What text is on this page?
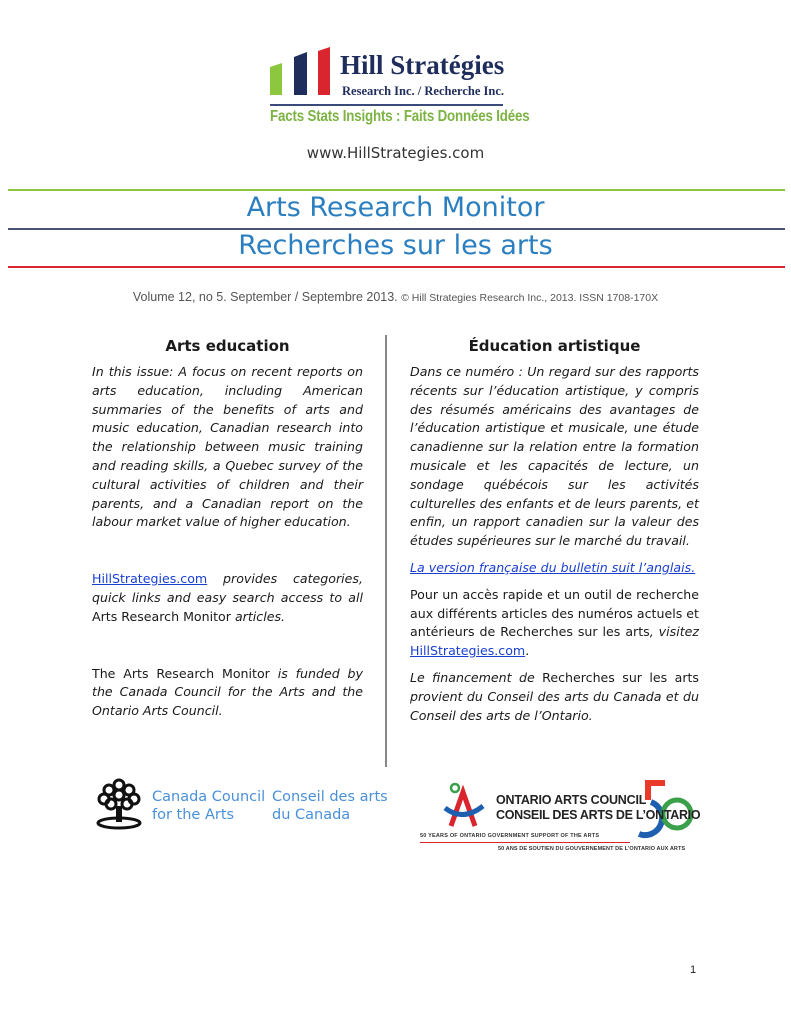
Hill Stratégies
Research Inc. / Recherche Inc.
Facts Stats Insights : Faits Données Idées
www.HillStrategies.com
Arts Research Monitor
Recherches sur les arts
Volume 12, no 5. September / Septembre 2013. © Hill Strategies Research Inc., 2013. ISSN 1708-170X
Arts education

In this issue: A focus on recent reports on arts education, including American summaries of the benefits of arts and music education, Canadian research into the relationship between music training and reading skills, a Quebec survey of the cultural activities of children and their parents, and a Canadian report on the labour market value of higher education.

HillStrategies.com provides categories, quick links and easy search access to all Arts Research Monitor articles.

The Arts Research Monitor is funded by the Canada Council for the Arts and the Ontario Arts Council.

Éducation artistique

Dans ce numéro : Un regard sur des rapports récents sur l’éducation artistique, y compris des résumés américains des avantages de l’éducation artistique et musicale, une étude canadienne sur la relation entre la formation musicale et les capacités de lecture, un sondage québécois sur les activités culturelles des enfants et de leurs parents, et enfin, un rapport canadien sur la valeur des études supérieures sur le marché du travail.

La version française du bulletin suit l’anglais.

Pour un accès rapide et un outil de recherche aux différents articles des numéros actuels et antérieurs de Recherches sur les arts, visitez HillStrategies.com.

Le financement de Recherches sur les arts provient du Conseil des arts du Canada et du Conseil des arts de l’Ontario.

Canada Council
for the Arts
Conseil des arts
du Canada
ONTARIO ARTS COUNCIL
CONSEIL DES ARTS DE L’ONTARIO
50 YEARS OF ONTARIO GOVERNMENT SUPPORT OF THE ARTS
50 ANS DE SOUTIEN DU GOUVERNEMENT DE L’ONTARIO AUX ARTS
1
